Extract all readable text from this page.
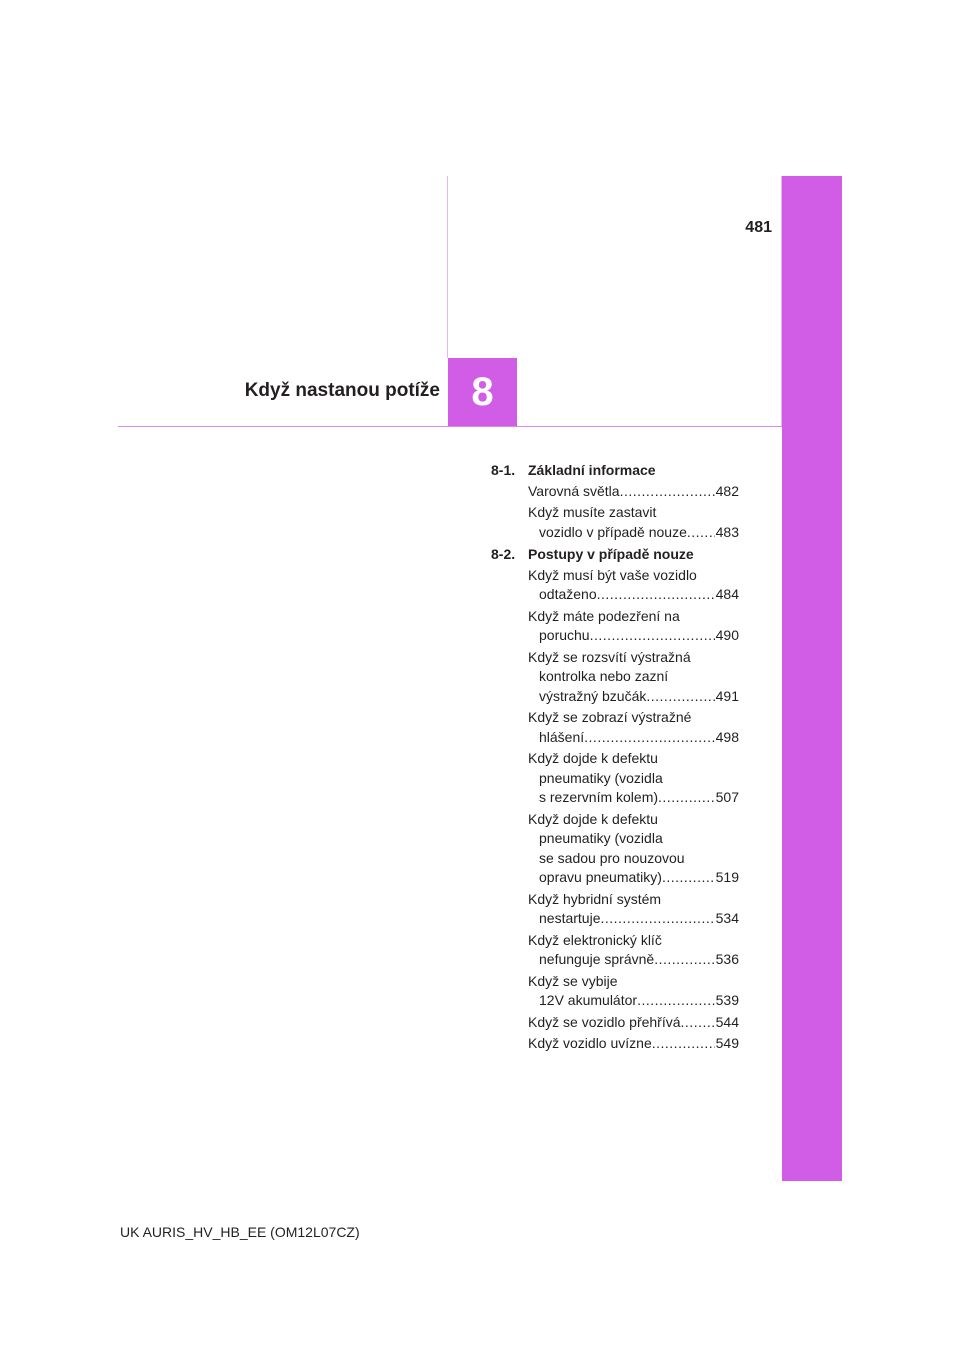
481
Když nastanou potíže 8
8-1. Základní informace
Varovná světla .....	482
Když musíte zastavit
vozidlo v případě nouze ..... 483
8-2. Postupy v případě nouze
Když musí být vaše vozidlo
odtaženo .....	484
Když máte podezření na
poruchu .....	490
Když se rozsvítí výstražná
kontrolka nebo zazní
výstražný bzučák .....	491
Když se zobrazí výstražné
hlášení .....	498
Když dojde k defektu
pneumatiky (vozidla
s rezervním kolem) .....	507
Když dojde k defektu
pneumatiky (vozidla
se sadou pro nouzovou
opravu pneumatiky) .....	519
Když hybridní systém
nestartuje .....	534
Když elektronický klíč
nefunguje správně .....	536
Když se vybije
12V akumulátor .....	539
Když se vozidlo přehřívá .....	544
Když vozidlo uvízne .....	549
UK AURIS_HV_HB_EE (OM12L07CZ)
